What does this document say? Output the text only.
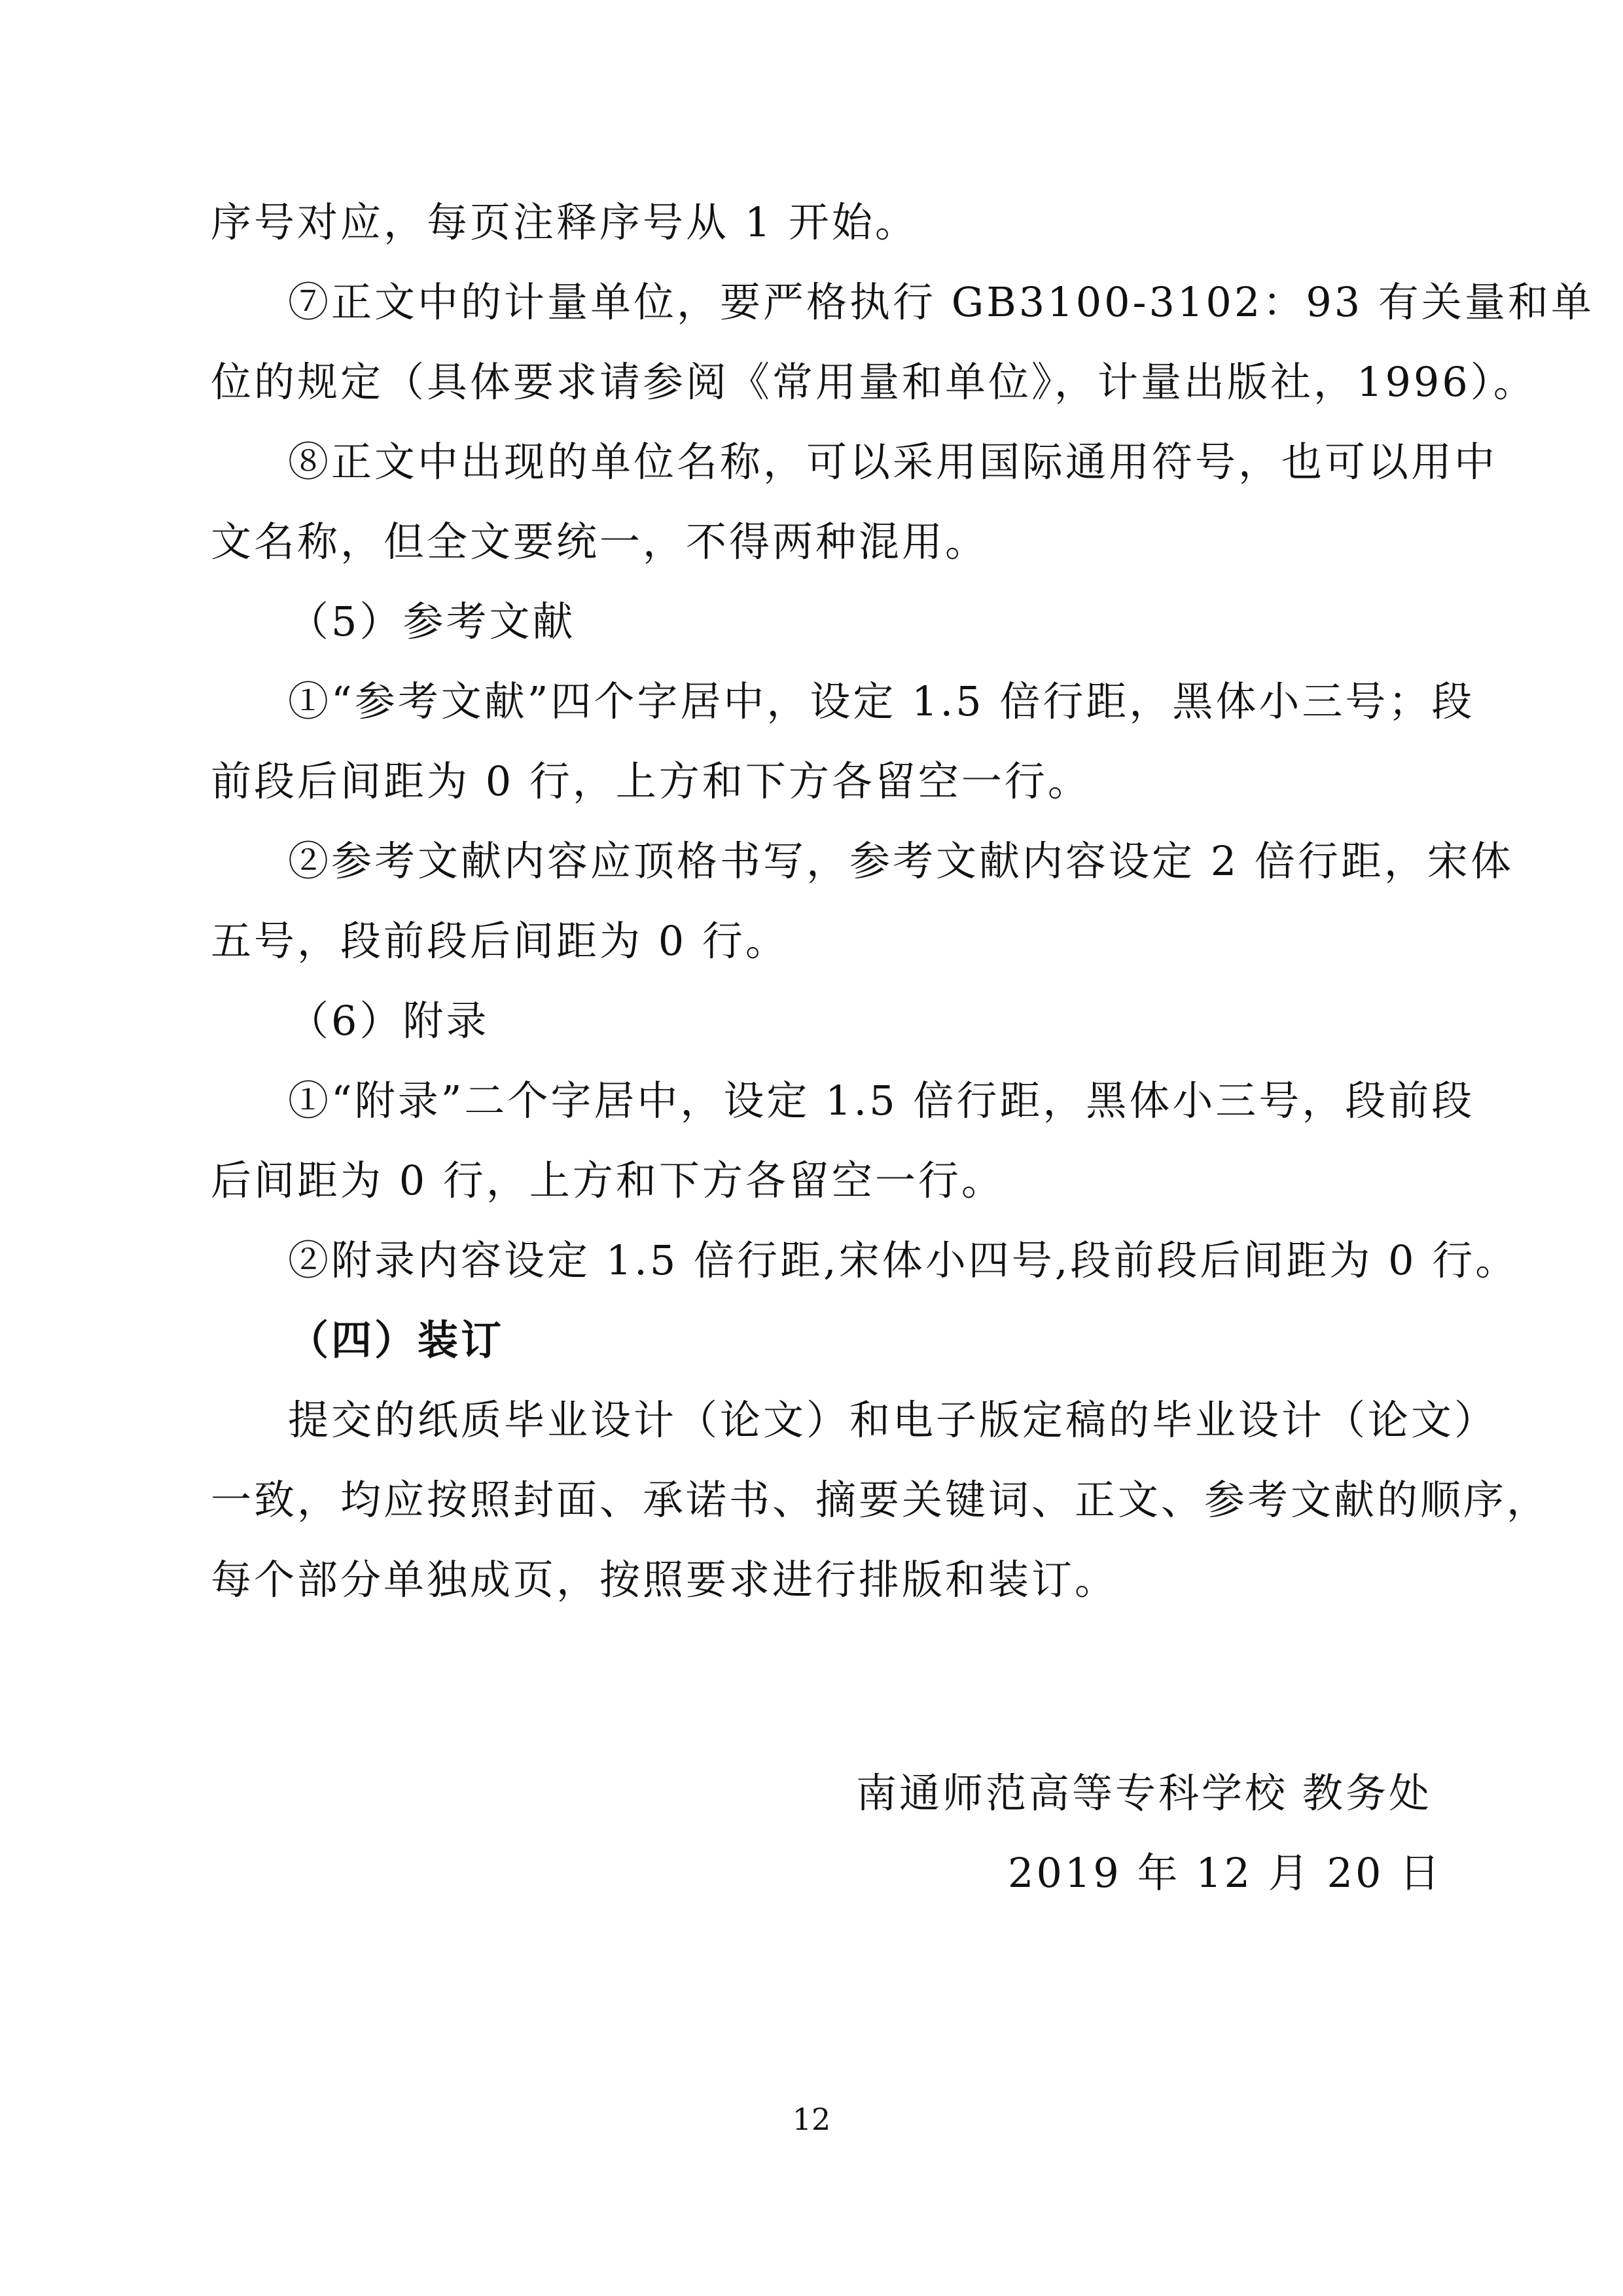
序号对应，每页注释序号从 1 开始。
⑦正文中的计量单位，要严格执行 GB3100-3102：93 有关量和单
位的规定（具体要求请参阅《常用量和单位》，计量出版社，1996）。
⑧正文中出现的单位名称，可以采用国际通用符号，也可以用中
文名称，但全文要统一，不得两种混用。
（5）参考文献
①“参考文献”四个字居中，设定 1.5 倍行距，黑体小三号；段
前段后间距为 0 行，上方和下方各留空一行。
②参考文献内容应顶格书写，参考文献内容设定 2 倍行距，宋体
五号，段前段后间距为 0 行。
（6）附录
①“附录”二个字居中，设定 1.5 倍行距，黑体小三号，段前段
后间距为 0 行，上方和下方各留空一行。
②附录内容设定 1.5 倍行距,宋体小四号,段前段后间距为 0 行。
（四）装订
提交的纸质毕业设计（论文）和电子版定稿的毕业设计（论文）
一致，均应按照封面、承诺书、摘要关键词、正文、参考文献的顺序，
每个部分单独成页，按照要求进行排版和装订。
南通师范高等专科学校 教务处
2019 年 12 月 20 日
12
